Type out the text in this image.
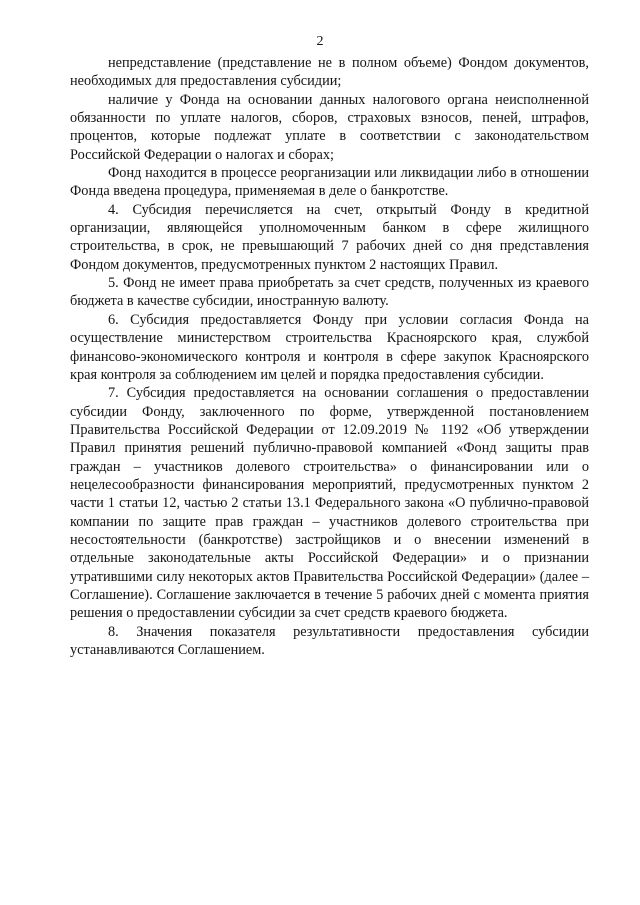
2

непредставление (представление не в полном объеме) Фондом документов, необходимых для предоставления субсидии;

наличие у Фонда на основании данных налогового органа неисполненной обязанности по уплате налогов, сборов, страховых взносов, пеней, штрафов, процентов, которые подлежат уплате в соответствии с законодательством Российской Федерации о налогах и сборах;

Фонд находится в процессе реорганизации или ликвидации либо в отношении Фонда введена процедура, применяемая в деле о банкротстве.

4. Субсидия перечисляется на счет, открытый Фонду в кредитной организации, являющейся уполномоченным банком в сфере жилищного строительства, в срок, не превышающий 7 рабочих дней со дня представления Фондом документов, предусмотренных пунктом 2 настоящих Правил.

5. Фонд не имеет права приобретать за счет средств, полученных из краевого бюджета в качестве субсидии, иностранную валюту.

6. Субсидия предоставляется Фонду при условии согласия Фонда на осуществление министерством строительства Красноярского края, службой финансово-экономического контроля и контроля в сфере закупок Красноярского края контроля за соблюдением им целей и порядка предоставления субсидии.

7. Субсидия предоставляется на основании соглашения о предоставлении субсидии Фонду, заключенного по форме, утвержденной постановлением Правительства Российской Федерации от 12.09.2019 № 1192 «Об утверждении Правил принятия решений публично-правовой компанией «Фонд защиты прав граждан – участников долевого строительства» о финансировании или о нецелесообразности финансирования мероприятий, предусмотренных пунктом 2 части 1 статьи 12, частью 2 статьи 13.1 Федерального закона «О публично-правовой компании по защите прав граждан – участников долевого строительства при несостоятельности (банкротстве) застройщиков и о внесении изменений в отдельные законодательные акты Российской Федерации» и о признании утратившими силу некоторых актов Правительства Российской Федерации» (далее – Соглашение). Соглашение заключается в течение 5 рабочих дней с момента приятия решения о предоставлении субсидии за счет средств краевого бюджета.

8. Значения показателя результативности предоставления субсидии устанавливаются Соглашением.
